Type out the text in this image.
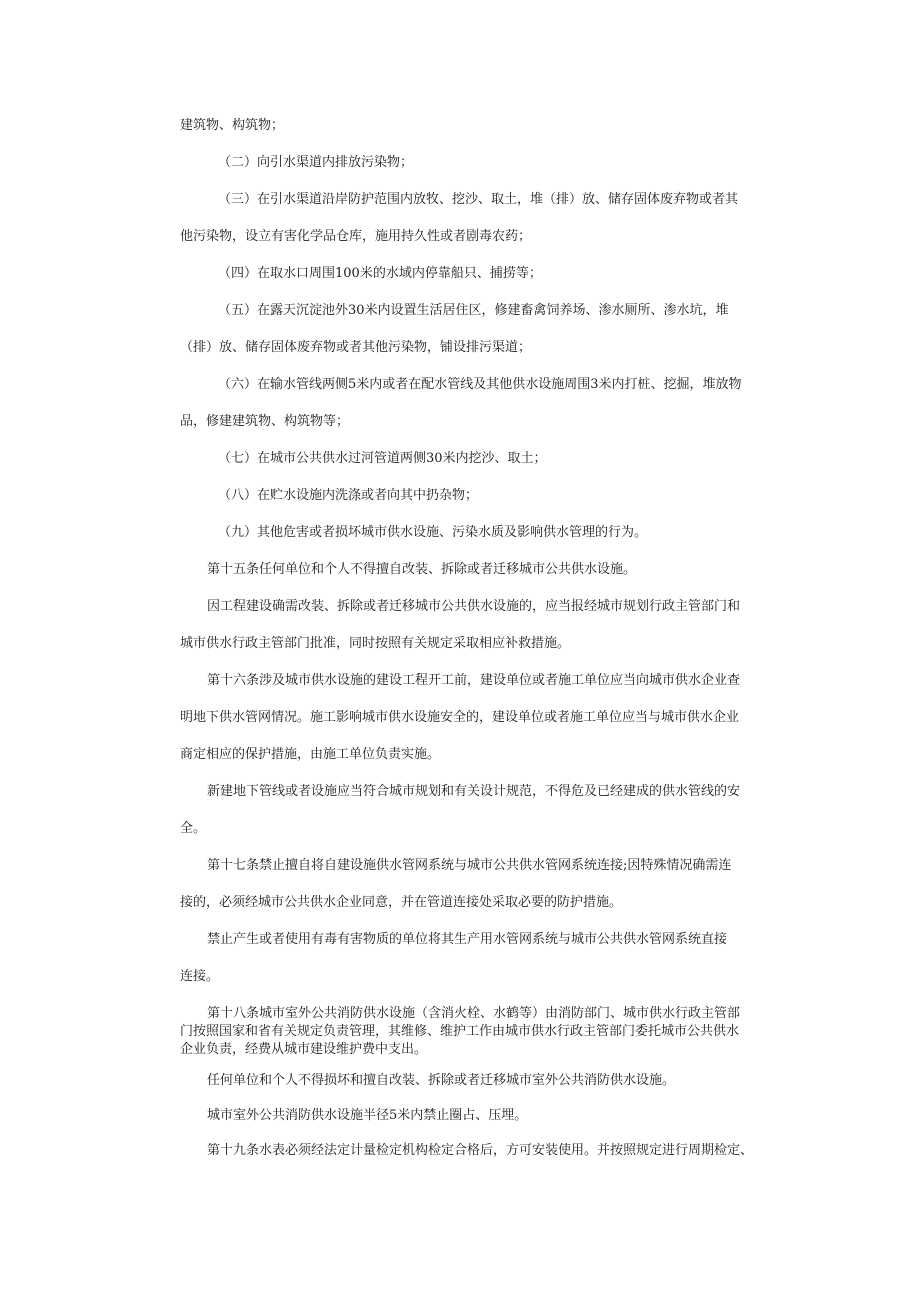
建筑物、构筑物；

（二）向引水渠道内排放污染物；

（三）在引水渠道沿岸防护范围内放牧、挖沙、取土，堆（排）放、储存固体废弃物或者其

他污染物，设立有害化学品仓库，施用持久性或者剧毒农药；

（四）在取水口周围100米的水域内停靠船只、捕捞等；

（五）在露天沉淀池外30米内设置生活居住区，修建畜禽饲养场、渗水厕所、渗水坑，堆

（排）放、储存固体废弃物或者其他污染物，铺设排污渠道；

（六）在输水管线两侧5米内或者在配水管线及其他供水设施周围3米内打桩、挖掘，堆放物

品，修建建筑物、构筑物等；

（七）在城市公共供水过河管道两侧30米内挖沙、取土；

（八）在贮水设施内洗涤或者向其中扔杂物；

（九）其他危害或者损坏城市供水设施、污染水质及影响供水管理的行为。

第十五条任何单位和个人不得擅自改装、拆除或者迁移城市公共供水设施。

因工程建设确需改装、拆除或者迁移城市公共供水设施的，应当报经城市规划行政主管部门和

城市供水行政主管部门批准，同时按照有关规定采取相应补救措施。

第十六条涉及城市供水设施的建设工程开工前，建设单位或者施工单位应当向城市供水企业查

明地下供水管网情况。施工影响城市供水设施安全的，建设单位或者施工单位应当与城市供水企业

商定相应的保护措施，由施工单位负责实施。

新建地下管线或者设施应当符合城市规划和有关设计规范，不得危及已经建成的供水管线的安

全。

第十七条禁止擅自将自建设施供水管网系统与城市公共供水管网系统连接;因特殊情况确需连

接的，必须经城市公共供水企业同意，并在管道连接处采取必要的防护措施。

禁止产生或者使用有毒有害物质的单位将其生产用水管网系统与城市公共供水管网系统直接

连接。

第十八条城市室外公共消防供水设施（含消火栓、水鹤等）由消防部门、城市供水行政主管部

门按照国家和省有关规定负责管理，其维修、维护工作由城市供水行政主管部门委托城市公共供水

企业负责，经费从城市建设维护费中支出。

任何单位和个人不得损坏和擅自改装、拆除或者迁移城市室外公共消防供水设施。

城市室外公共消防供水设施半径5米内禁止圈占、压埋。

第十九条水表必须经法定计量检定机构检定合格后，方可安装使用。并按照规定进行周期检定、
